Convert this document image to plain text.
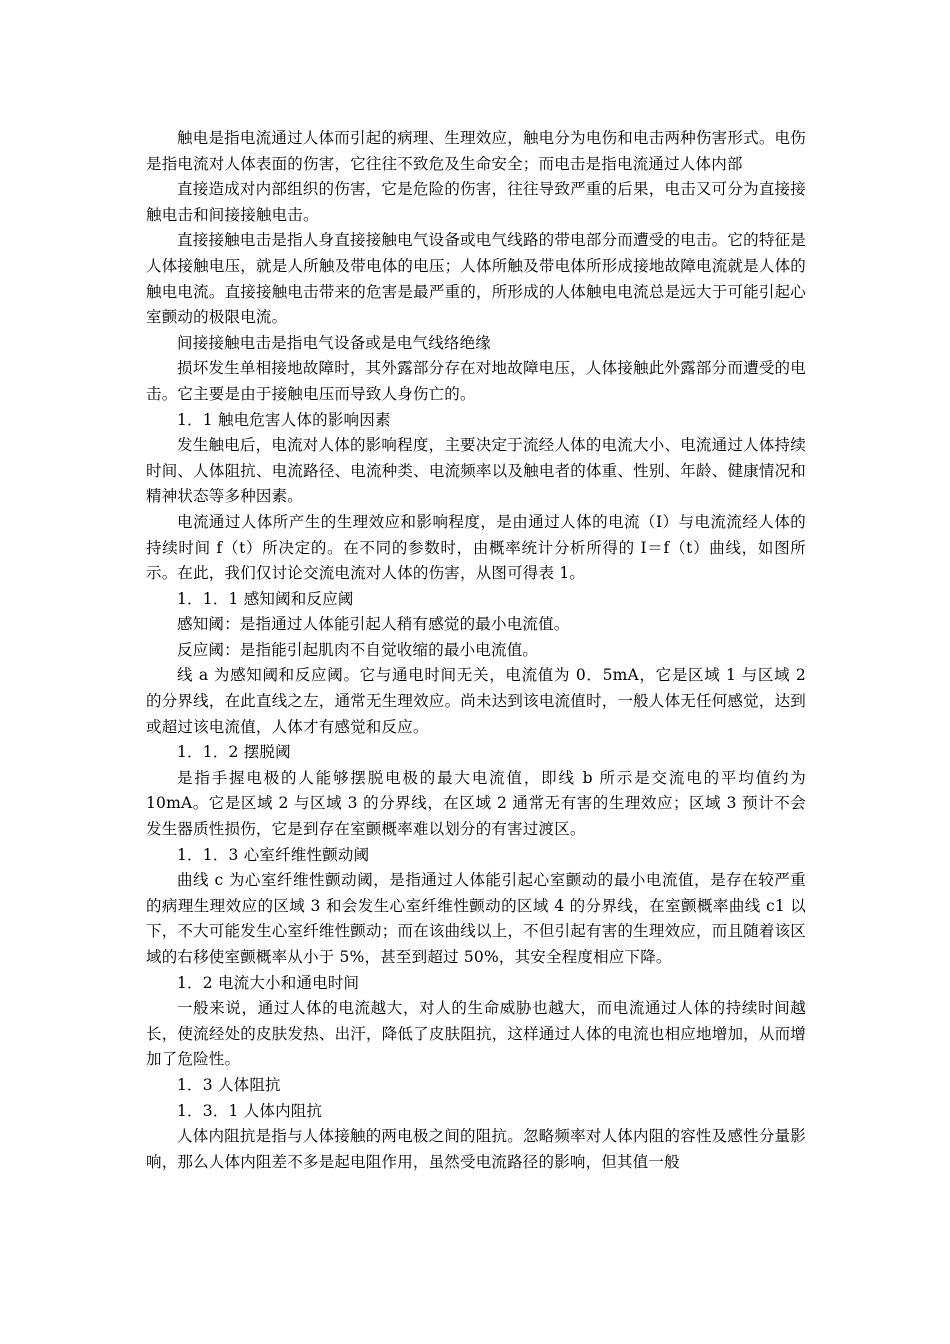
触电是指电流通过人体而引起的病理、生理效应，触电分为电伤和电击两种伤害形式。电伤是指电流对人体表面的伤害，它往往不致危及生命安全；而电击是指电流通过人体内部

直接造成对内部组织的伤害，它是危险的伤害，往往导致严重的后果，电击又可分为直接接触电击和间接接触电击。

直接接触电击是指人身直接接触电气设备或电气线路的带电部分而遭受的电击。它的特征是人体接触电压，就是人所触及带电体的电压；人体所触及带电体所形成接地故障电流就是人体的触电电流。直接接触电击带来的危害是最严重的，所形成的人体触电电流总是远大于可能引起心室颤动的极限电流。

间接接触电击是指电气设备或是电气线络绝缘

损坏发生单相接地故障时，其外露部分存在对地故障电压，人体接触此外露部分而遭受的电击。它主要是由于接触电压而导致人身伤亡的。

1．1 触电危害人体的影响因素

发生触电后，电流对人体的影响程度，主要决定于流经人体的电流大小、电流通过人体持续时间、人体阻抗、电流路径、电流种类、电流频率以及触电者的体重、性别、年龄、健康情况和精神状态等多种因素。

电流通过人体所产生的生理效应和影响程度，是由通过人体的电流（I）与电流流经人体的持续时间 f（t）所决定的。在不同的参数时，由概率统计分析所得的 I＝f（t）曲线，如图所示。在此，我们仅讨论交流电流对人体的伤害，从图可得表 1。

1．1．1 感知阈和反应阈

感知阈：是指通过人体能引起人稍有感觉的最小电流值。

反应阈：是指能引起肌肉不自觉收缩的最小电流值。

线 a 为感知阈和反应阈。它与通电时间无关，电流值为 0．5mA，它是区域 1 与区域 2 的分界线，在此直线之左，通常无生理效应。尚未达到该电流值时，一般人体无任何感觉，达到或超过该电流值，人体才有感觉和反应。

1．1．2 摆脱阈

是指手握电极的人能够摆脱电极的最大电流值，即线 b 所示是交流电的平均值约为 10mA。它是区域 2 与区域 3 的分界线，在区域 2 通常无有害的生理效应；区域 3 预计不会发生器质性损伤，它是到存在室颤概率难以划分的有害过渡区。

1．1．3 心室纤维性颤动阈

曲线 c 为心室纤维性颤动阈，是指通过人体能引起心室颤动的最小电流值，是存在较严重的病理生理效应的区域 3 和会发生心室纤维性颤动的区域 4 的分界线，在室颤概率曲线 c1 以下，不大可能发生心室纤维性颤动；而在该曲线以上，不但引起有害的生理效应，而且随着该区域的右移使室颤概率从小于 5%，甚至到超过 50%，其安全程度相应下降。

1．2 电流大小和通电时间

一般来说，通过人体的电流越大，对人的生命威胁也越大，而电流通过人体的持续时间越长，使流经处的皮肤发热、出汗，降低了皮肤阻抗，这样通过人体的电流也相应地增加，从而增加了危险性。

1．3 人体阻抗

1．3．1 人体内阻抗

人体内阻抗是指与人体接触的两电极之间的阻抗。忽略频率对人体内阻的容性及感性分量影响，那么人体内阻差不多是起电阻作用，虽然受电流路径的影响，但其值一般
